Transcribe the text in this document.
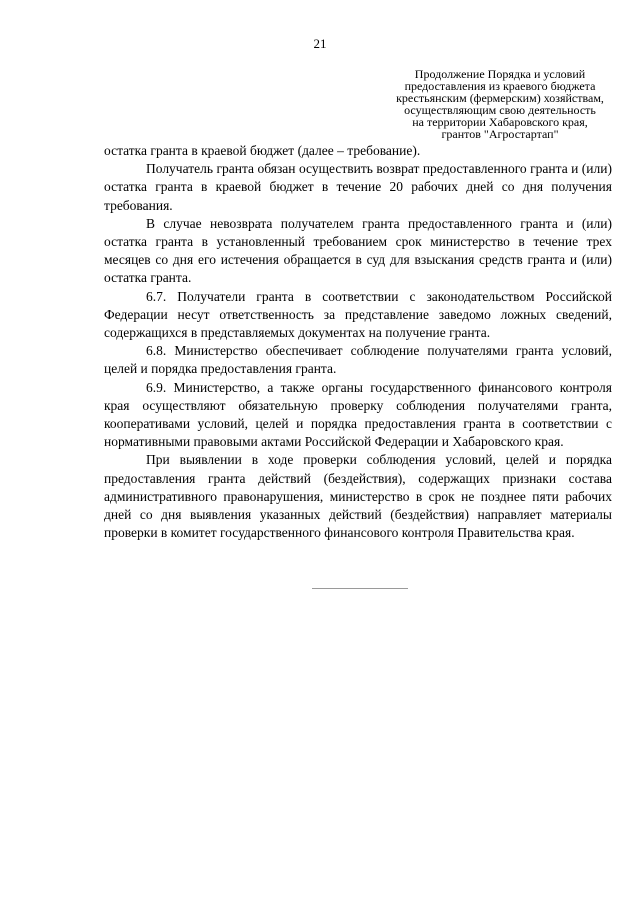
21
Продолжение Порядка и условий
предоставления из краевого бюджета
крестьянским (фермерским) хозяйствам,
осуществляющим свою деятельность
на территории Хабаровского края,
грантов "Агростартап"

остатка гранта в краевой бюджет (далее – требование).

Получатель гранта обязан осуществить возврат предоставленного гранта и (или) остатка гранта в краевой бюджет в течение 20 рабочих дней со дня получения требования.

В случае невозврата получателем гранта предоставленного гранта и (или) остатка гранта в установленный требованием срок министерство в течение трех месяцев со дня его истечения обращается в суд для взыскания средств гранта и (или) остатка гранта.

6.7. Получатели гранта в соответствии с законодательством Российской Федерации несут ответственность за представление заведомо ложных сведений, содержащихся в представляемых документах на получение гранта.

6.8. Министерство обеспечивает соблюдение получателями гранта условий, целей и порядка предоставления гранта.

6.9. Министерство, а также органы государственного финансового контроля края осуществляют обязательную проверку соблюдения получателями гранта, кооперативами условий, целей и порядка предоставления гранта в соответствии с нормативными правовыми актами Российской Федерации и Хабаровского края.

При выявлении в ходе проверки соблюдения условий, целей и порядка предоставления гранта действий (бездействия), содержащих признаки состава административного правонарушения, министерство в срок не позднее пяти рабочих дней со дня выявления указанных действий (бездействия) направляет материалы проверки в комитет государственного финансового контроля Правительства края.
